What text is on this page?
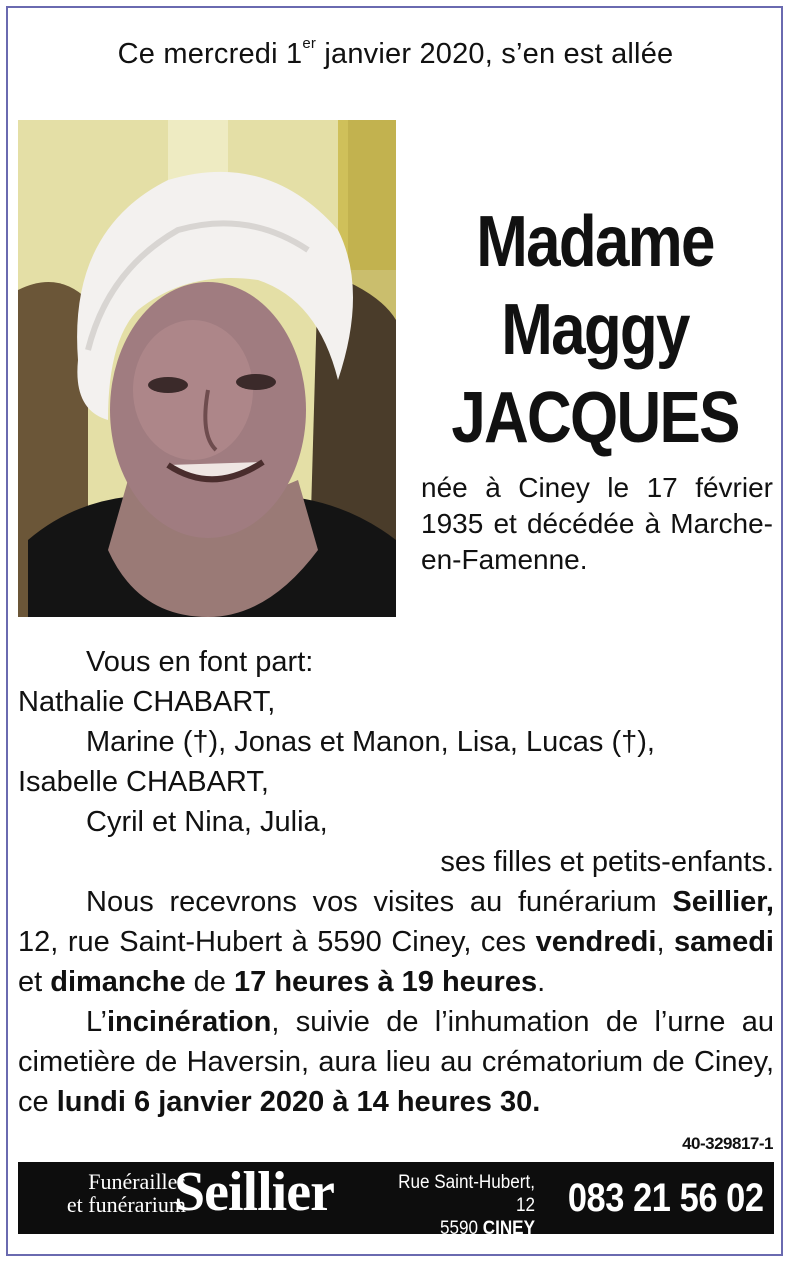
Ce mercredi 1er janvier 2020, s’en est allée
Madame
Maggy
JACQUES
née à Ciney le 17 février 1935 et décédée à Marche-en-Famenne.

Vous en font part:

Nathalie CHABART,

Marine (†), Jonas et Manon, Lisa, Lucas (†),

Isabelle CHABART,

Cyril et Nina, Julia,

ses filles et petits-enfants.

Nous recevrons vos visites au funérarium Seillier, 12, rue Saint-Hubert à 5590 Ciney, ces vendredi, samedi et dimanche de 17 heures à 19 heures.

L’incinération, suivie de l’inhumation de l’urne au cimetière de Haversin, aura lieu au crématorium de Ciney, ce lundi 6 janvier 2020 à 14 heures 30.

40-329817-1
Funérailles
et funérarium
Seillier	Rue Saint-Hubert, 12
5590 CINEY
083 21 56 02
